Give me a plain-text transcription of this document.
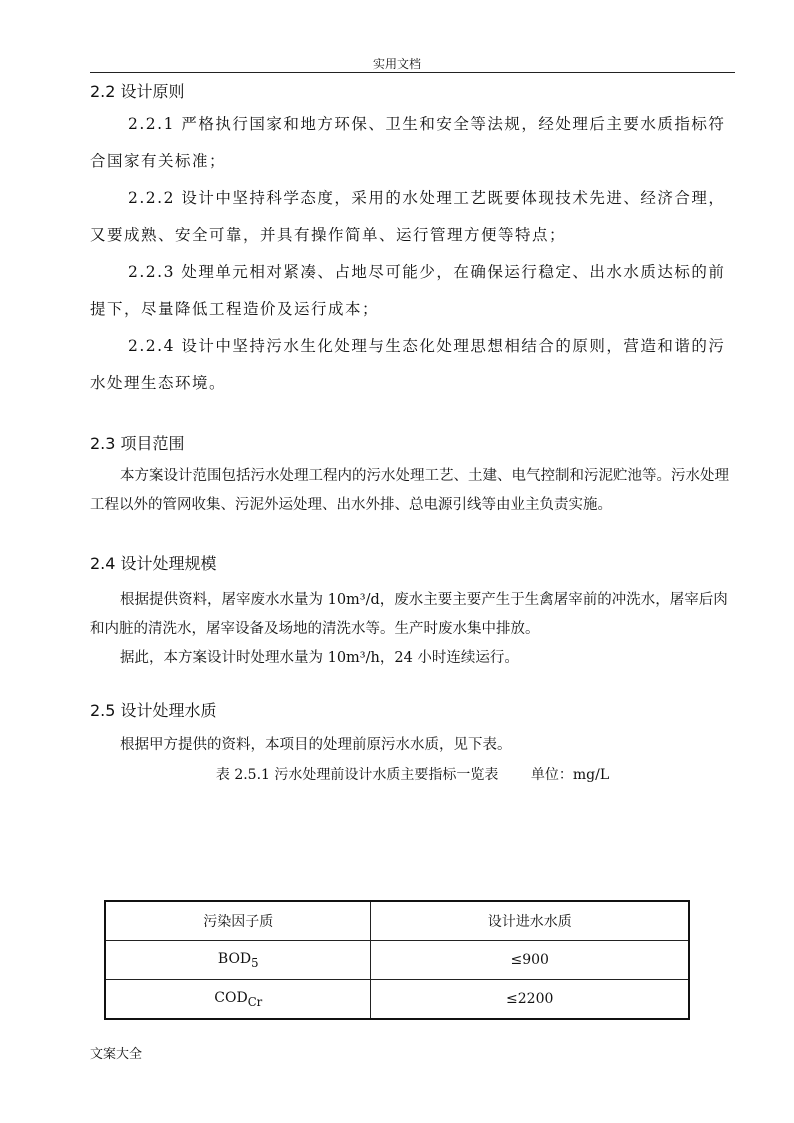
实用文档
2.2 设计原则

2.2.1 严格执行国家和地方环保、卫生和安全等法规，经处理后主要水质指标符合国家有关标准；

2.2.2 设计中坚持科学态度，采用的水处理工艺既要体现技术先进、经济合理，又要成熟、安全可靠，并具有操作简单、运行管理方便等特点；

2.2.3 处理单元相对紧凑、占地尽可能少，在确保运行稳定、出水水质达标的前提下，尽量降低工程造价及运行成本；

2.2.4 设计中坚持污水生化处理与生态化处理思想相结合的原则，营造和谐的污水处理生态环境。

2.3 项目范围

本方案设计范围包括污水处理工程内的污水处理工艺、土建、电气控制和污泥贮池等。污水处理工程以外的管网收集、污泥外运处理、出水外排、总电源引线等由业主负责实施。

2.4 设计处理规模

根据提供资料，屠宰废水水量为 10m³/d，废水主要主要产生于生禽屠宰前的冲洗水，屠宰后肉和内脏的清洗水，屠宰设备及场地的清洗水等。生产时废水集中排放。

据此，本方案设计时处理水量为 10m³/h，24 小时连续运行。

2.5 设计处理水质

根据甲方提供的资料，本项目的处理前原污水水质，见下表。

表 2.5.1 污水处理前设计水质主要指标一览表 单位：mg/L

污染因子质	设计进水水质
$BOD_5$	≤900
$COD_{Cr}$	≤2200
文案大全
